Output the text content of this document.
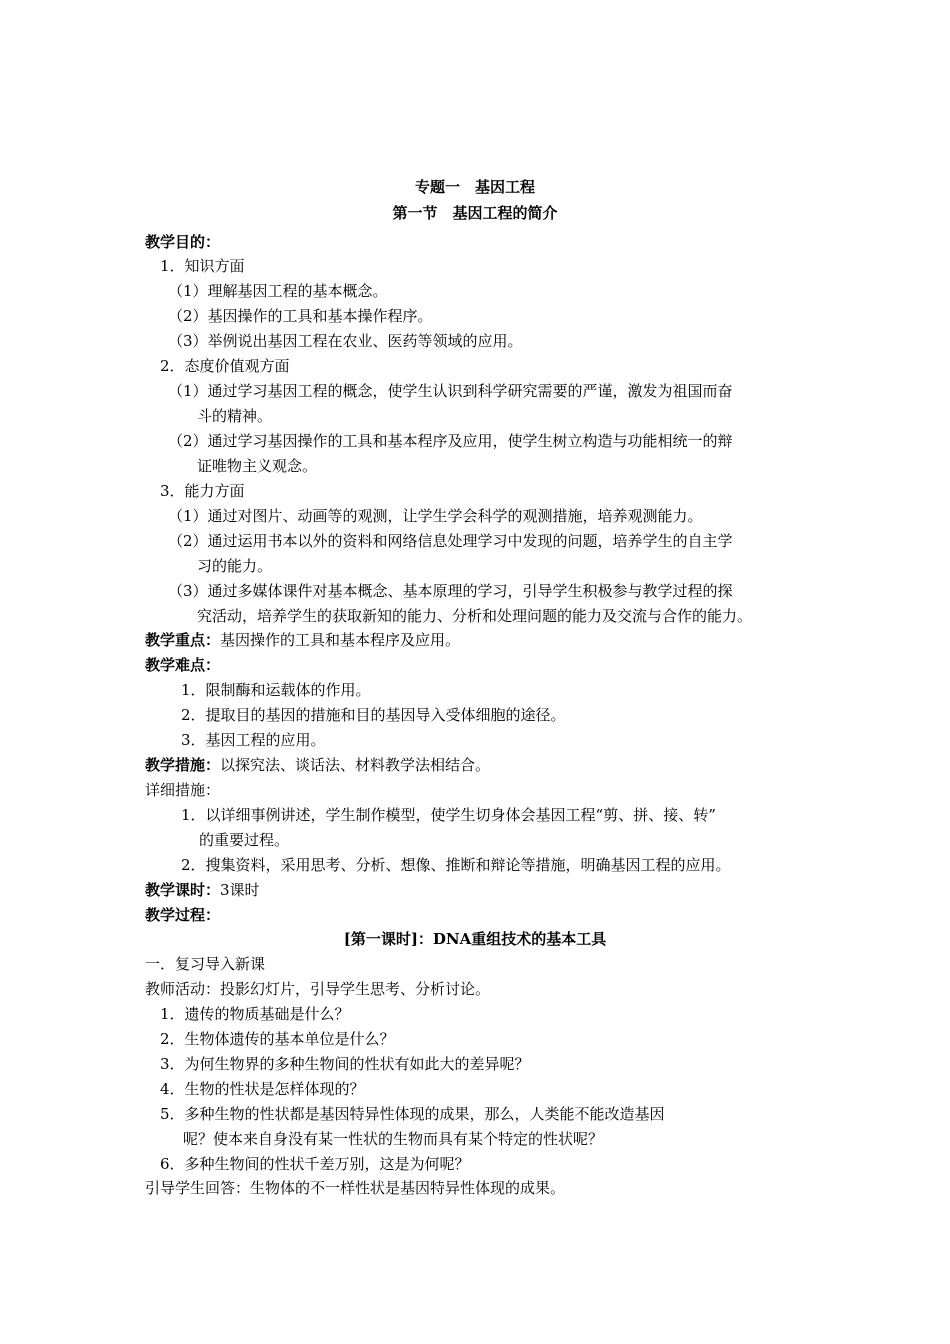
专题一　基因工程
第一节　基因工程的简介
教学目的：
1．知识方面
（1）理解基因工程的基本概念。
（2）基因操作的工具和基本操作程序。
（3）举例说出基因工程在农业、医药等领域的应用。
2．态度价值观方面
（1）通过学习基因工程的概念，使学生认识到科学研究需要的严谨，激发为祖国而奋
斗的精神。
（2）通过学习基因操作的工具和基本程序及应用，使学生树立构造与功能相统一的辩
证唯物主义观念。
3．能力方面
（1）通过对图片、动画等的观测，让学生学会科学的观测措施，培养观测能力。
（2）通过运用书本以外的资料和网络信息处理学习中发现的问题，培养学生的自主学
习的能力。
（3）通过多媒体课件对基本概念、基本原理的学习，引导学生积极参与教学过程的探
究活动，培养学生的获取新知的能力、分析和处理问题的能力及交流与合作的能力。
教学重点：基因操作的工具和基本程序及应用。
教学难点：
1．限制酶和运载体的作用。
2．提取目的基因的措施和目的基因导入受体细胞的途径。
3．基因工程的应用。
教学措施：以探究法、谈话法、材料教学法相结合。
详细措施：
1．以详细事例讲述，学生制作模型，使学生切身体会基因工程“剪、拼、接、转”
的重要过程。
2．搜集资料，采用思考、分析、想像、推断和辩论等措施，明确基因工程的应用。
教学课时：3课时
教学过程：
[第一课时]：DNA重组技术的基本工具
一．复习导入新课
教师活动：投影幻灯片，引导学生思考、分析讨论。
1．遗传的物质基础是什么？
2．生物体遗传的基本单位是什么？
3．为何生物界的多种生物间的性状有如此大的差异呢？
4．生物的性状是怎样体现的？
5．多种生物的性状都是基因特异性体现的成果，那么，人类能不能改造基因
呢？使本来自身没有某一性状的生物而具有某个特定的性状呢？
6．多种生物间的性状千差万别，这是为何呢？
引导学生回答：生物体的不一样性状是基因特异性体现的成果。
